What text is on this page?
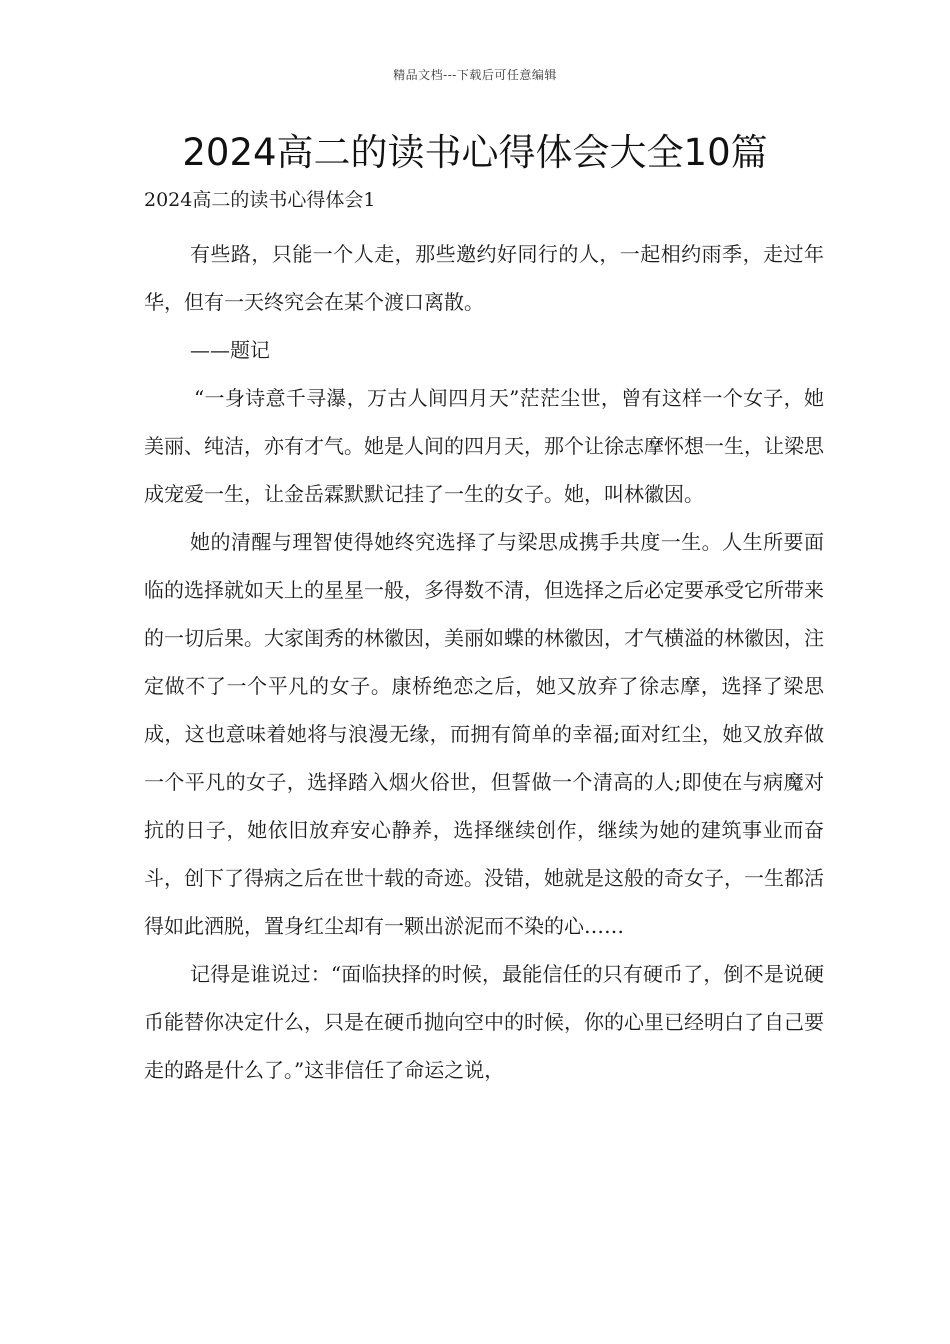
精品文档---下载后可任意编辑
2024高二的读书心得体会大全10篇
2024高二的读书心得体会1

有些路，只能一个人走，那些邀约好同行的人，一起相约雨季，走过年华，但有一天终究会在某个渡口离散。

——题记

“一身诗意千寻瀑，万古人间四月天”茫茫尘世，曾有这样一个女子，她美丽、纯洁，亦有才气。她是人间的四月天，那个让徐志摩怀想一生，让梁思成宠爱一生，让金岳霖默默记挂了一生的女子。她，叫林徽因。

她的清醒与理智使得她终究选择了与梁思成携手共度一生。人生所要面临的选择就如天上的星星一般，多得数不清，但选择之后必定要承受它所带来的一切后果。大家闺秀的林徽因，美丽如蝶的林徽因，才气横溢的林徽因，注定做不了一个平凡的女子。康桥绝恋之后，她又放弃了徐志摩，选择了梁思成，这也意味着她将与浪漫无缘，而拥有简单的幸福;面对红尘，她又放弃做一个平凡的女子，选择踏入烟火俗世，但誓做一个清高的人;即使在与病魔对抗的日子，她依旧放弃安心静养，选择继续创作，继续为她的建筑事业而奋斗，创下了得病之后在世十载的奇迹。没错，她就是这般的奇女子，一生都活得如此洒脱，置身红尘却有一颗出淤泥而不染的心……

记得是谁说过：“面临抉择的时候，最能信任的只有硬币了，倒不是说硬币能替你决定什么，只是在硬币抛向空中的时候，你的心里已经明白了自己要走的路是什么了。”这非信任了命运之说，
